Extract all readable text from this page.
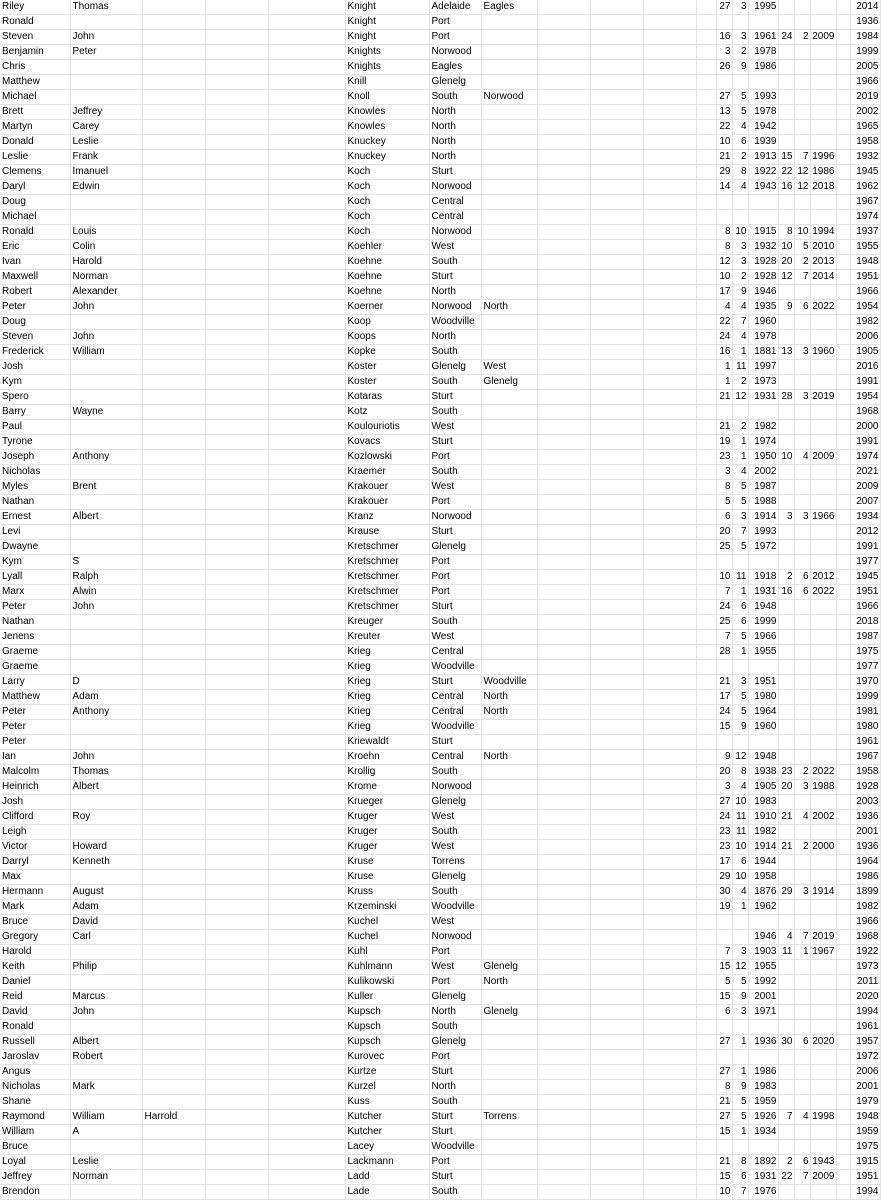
Riley	Thomas				Knight	Adelaide	Eagles					27	3	1995					2014
Ronald					Knight	Port													1936
Steven	John				Knight	Port						16	3	1961	24	2	2009		1984
Benjamin	Peter				Knights	Norwood						3	2	1978					1999
Chris					Knights	Eagles						26	9	1986					2005
Matthew					Knill	Glenelg													1966
Michael					Knoll	South	Norwood					27	5	1993					2019
Brett	Jeffrey				Knowles	North						13	5	1978					2002
Martyn	Carey				Knowles	North						22	4	1942					1965
Donald	Leslie				Knuckey	North						10	6	1939					1958
Leslie	Frank				Knuckey	North						21	2	1913	15	7	1996		1932
Clemens	Imanuel				Koch	Sturt						29	8	1922	22	12	1986		1945
Daryl	Edwin				Koch	Norwood						14	4	1943	16	12	2018		1962
Doug					Koch	Central													1967
Michael					Koch	Central													1974
Ronald	Louis				Koch	Norwood						8	10	1915	8	10	1994		1937
Eric	Colin				Koehler	West						8	3	1932	10	5	2010		1955
Ivan	Harold				Koehne	South						12	3	1928	20	2	2013		1948
Maxwell	Norman				Koehne	Sturt						10	2	1928	12	7	2014		1951
Robert	Alexander				Koehne	North						17	9	1946					1966
Peter	John				Koerner	Norwood	North					4	4	1935	9	6	2022		1954
Doug					Koop	Woodville						22	7	1960					1982
Steven	John				Koops	North						24	4	1978					2006
Frederick	William				Kopke	South						16	1	1881	13	3	1960		1905
Josh					Koster	Glenelg	West					1	11	1997					2016
Kym					Koster	South	Glenelg					1	2	1973					1991
Spero					Kotaras	Sturt						21	12	1931	28	3	2019		1954
Barry	Wayne				Kotz	South													1968
Paul					Koulouriotis	West						21	2	1982					2000
Tyrone					Kovacs	Sturt						19	1	1974					1991
Joseph	Anthony				Kozlowski	Port						23	1	1950	10	4	2009		1974
Nicholas					Kraemer	South						3	4	2002					2021
Myles	Brent				Krakouer	West						8	5	1987					2009
Nathan					Krakouer	Port						5	5	1988					2007
Ernest	Albert				Kranz	Norwood						6	3	1914	3	3	1966		1934
Levi					Krause	Sturt						20	7	1993					2012
Dwayne					Kretschmer	Glenelg						25	5	1972					1991
Kym	S				Kretschmer	Port													1977
Lyall	Ralph				Kretschmer	Port						10	11	1918	2	6	2012		1945
Marx	Alwin				Kretschmer	Port						7	1	1931	16	6	2022		1951
Peter	John				Kretschmer	Sturt						24	6	1948					1966
Nathan					Kreuger	South						25	6	1999					2018
Jenens					Kreuter	West						7	5	1966					1987
Graeme					Krieg	Central						28	1	1955					1975
Graeme					Krieg	Woodville													1977
Larry	D				Krieg	Sturt	Woodville					21	3	1951					1970
Matthew	Adam				Krieg	Central	North					17	5	1980					1999
Peter	Anthony				Krieg	Central	North					24	5	1964					1981
Peter					Krieg	Woodville						15	9	1960					1980
Peter					Kriewaldt	Sturt													1961
Ian	John				Kroehn	Central	North					9	12	1948					1967
Malcolm	Thomas				Krollig	South						20	8	1938	23	2	2022		1958
Heinrich	Albert				Krome	Norwood						3	4	1905	20	3	1988		1928
Josh					Krueger	Glenelg						27	10	1983					2003
Clifford	Roy				Kruger	West						24	11	1910	21	4	2002		1936
Leigh					Kruger	South						23	11	1982					2001
Victor	Howard				Kruger	West						23	10	1914	21	2	2000		1936
Darryl	Kenneth				Kruse	Torrens						17	6	1944					1964
Max					Kruse	Glenelg						29	10	1958					1986
Hermann	August				Kruss	South						30	4	1876	29	3	1914		1899
Mark	Adam				Krzeminski	Woodville						19	1	1962					1982
Bruce	David				Kuchel	West													1966
Gregory	Carl				Kuchel	Norwood								1946	4	7	2019		1968
Harold					Kuhl	Port						7	3	1903	11	1	1967		1922
Keith	Philip				Kuhlmann	West	Glenelg					15	12	1955					1973
Daniel					Kulikowski	Port	North					5	5	1992					2011
Reid	Marcus				Kuller	Glenelg						15	9	2001					2020
David	John				Kupsch	North	Glenelg					6	3	1971					1994
Ronald					Kupsch	South													1961
Russell	Albert				Kupsch	Glenelg						27	1	1936	30	6	2020		1957
Jaroslav	Robert				Kurovec	Port													1972
Angus					Kurtze	Sturt						27	1	1986					2006
Nicholas	Mark				Kurzel	North						8	9	1983					2001
Shane					Kuss	South						21	5	1959					1979
Raymond	William	Harrold			Kutcher	Sturt	Torrens					27	5	1926	7	4	1998		1948
William	A				Kutcher	Sturt						15	1	1934					1959
Bruce					Lacey	Woodville													1975
Loyal	Leslie				Lackmann	Port						21	8	1892	2	6	1943		1915
Jeffrey	Norman				Ladd	Sturt						15	6	1931	22	7	2009		1951
Brendon					Lade	South						10	7	1976					1994
